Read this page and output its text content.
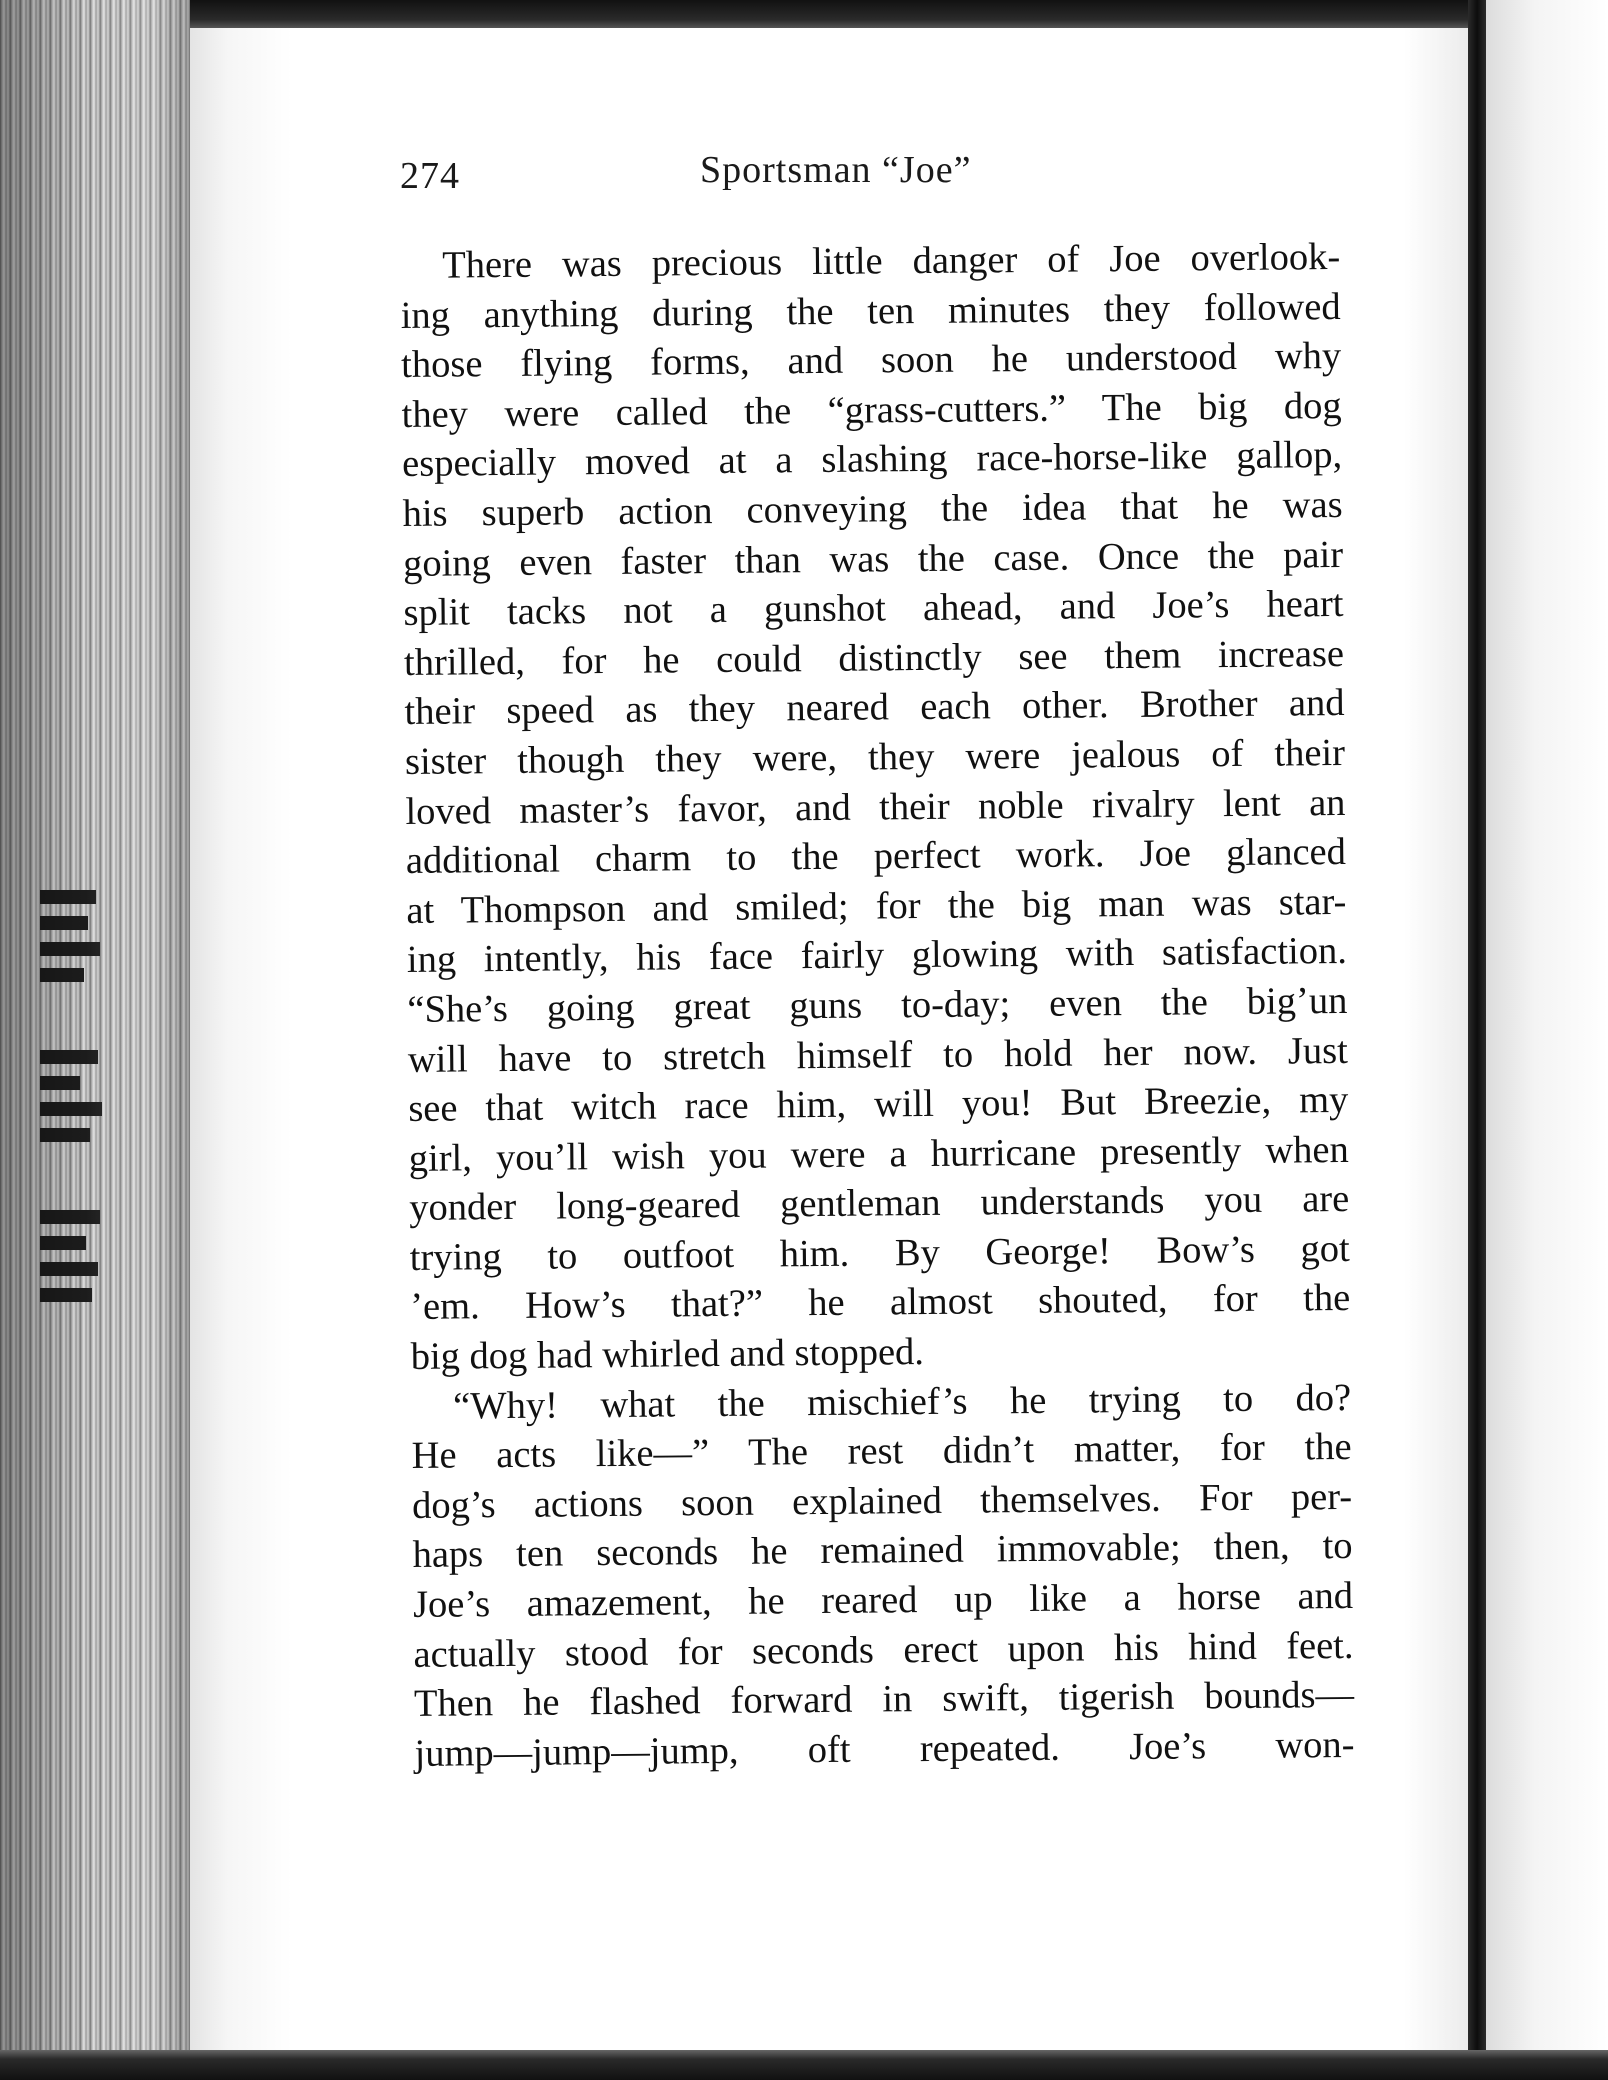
274	Sportsman “Joe”
There was precious little danger of Joe overlook-
ing anything during the ten minutes they followed
those flying forms, and soon he understood why
they were called the “grass-cutters.” The big dog
especially moved at a slashing race-horse-like gallop,
his superb action conveying the idea that he was
going even faster than was the case. Once the pair
split tacks not a gunshot ahead, and Joe’s heart
thrilled, for he could distinctly see them increase
their speed as they neared each other. Brother and
sister though they were, they were jealous of their
loved master’s favor, and their noble rivalry lent an
additional charm to the perfect work. Joe glanced
at Thompson and smiled; for the big man was star-
ing intently, his face fairly glowing with satisfaction.
“She’s going great guns to-day; even the big’un
will have to stretch himself to hold her now. Just
see that witch race him, will you! But Breezie, my
girl, you’ll wish you were a hurricane presently when
yonder long-geared gentleman understands you are
trying to outfoot him. By George! Bow’s got
’em. How’s that?” he almost shouted, for the
big dog had whirled and stopped.
“Why! what the mischief’s he trying to do?
He acts like—” The rest didn’t matter, for the
dog’s actions soon explained themselves. For per-
haps ten seconds he remained immovable; then, to
Joe’s amazement, he reared up like a horse and
actually stood for seconds erect upon his hind feet.
Then he flashed forward in swift, tigerish bounds—
jump—jump—jump, oft repeated. Joe’s won-
